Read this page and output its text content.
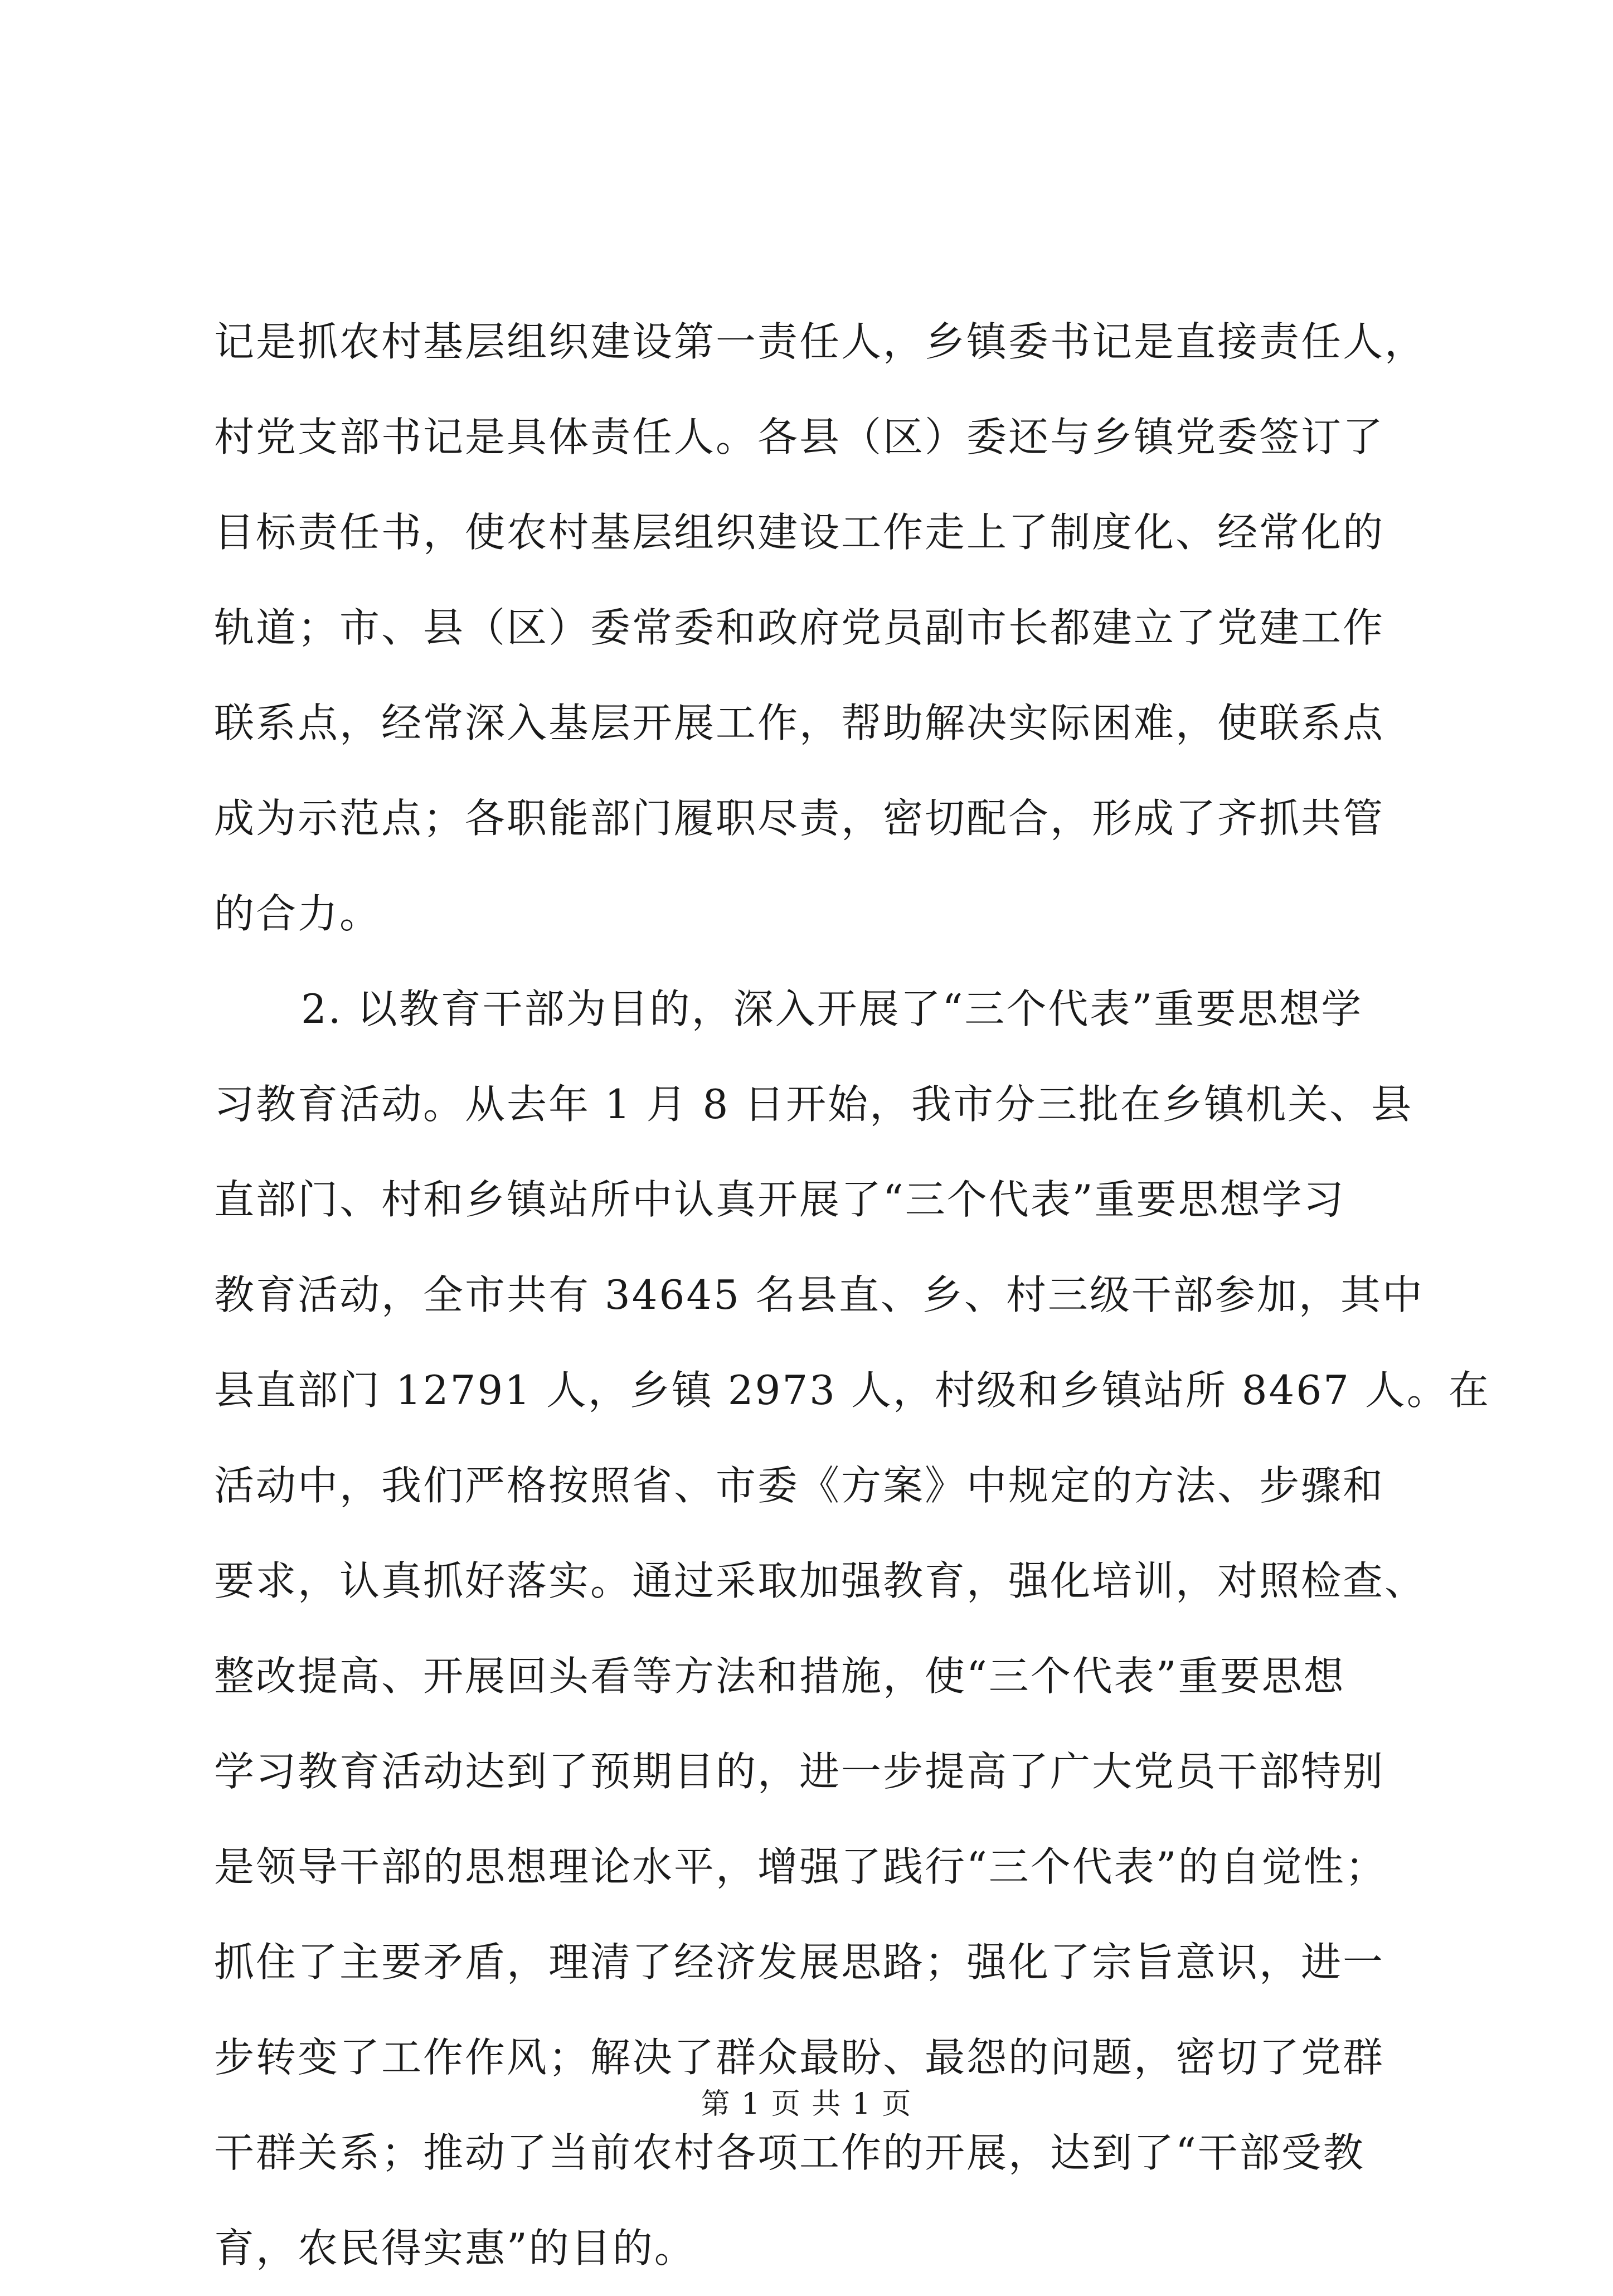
记是抓农村基层组织建设第一责任人，乡镇委书记是直接责任人，
村党支部书记是具体责任人。各县（区）委还与乡镇党委签订了
目标责任书，使农村基层组织建设工作走上了制度化、经常化的
轨道；市、县（区）委常委和政府党员副市长都建立了党建工作
联系点，经常深入基层开展工作，帮助解决实际困难，使联系点
成为示范点；各职能部门履职尽责，密切配合，形成了齐抓共管
的合力。
2. 以教育干部为目的，深入开展了“三个代表”重要思想学
习教育活动。从去年 1 月 8 日开始，我市分三批在乡镇机关、县
直部门、村和乡镇站所中认真开展了“三个代表”重要思想学习
教育活动，全市共有 34645 名县直、乡、村三级干部参加，其中
县直部门 12791 人，乡镇 2973 人，村级和乡镇站所 8467 人。在
活动中，我们严格按照省、市委《方案》中规定的方法、步骤和
要求，认真抓好落实。通过采取加强教育，强化培训，对照检查、
整改提高、开展回头看等方法和措施，使“三个代表”重要思想
学习教育活动达到了预期目的，进一步提高了广大党员干部特别
是领导干部的思想理论水平，增强了践行“三个代表”的自觉性；
抓住了主要矛盾，理清了经济发展思路；强化了宗旨意识，进一
步转变了工作作风；解决了群众最盼、最怨的问题，密切了党群
干群关系；推动了当前农村各项工作的开展，达到了“干部受教
育，农民得实惠”的目的。
第 1 页 共 1 页
